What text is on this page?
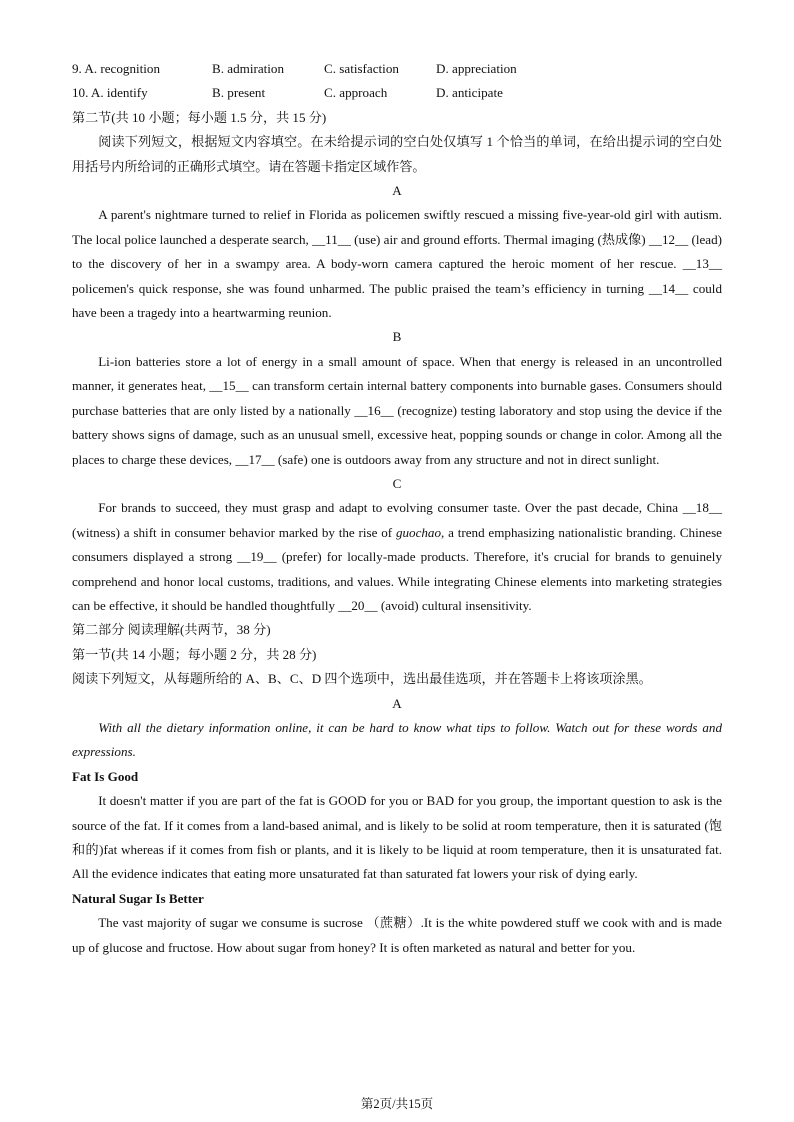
9. A. recognition	B. admiration	C. satisfaction	D. appreciation
10. A. identify	B. present	C. approach	D. anticipate

第二节(共 10 小题；每小题 1.5 分，共 15 分)

阅读下列短文，根据短文内容填空。在未给提示词的空白处仅填写 1 个恰当的单词，在给出提示词的空白处用括号内所给词的正确形式填空。请在答题卡指定区域作答。

A

A parent's nightmare turned to relief in Florida as policemen swiftly rescued a missing five-year-old girl with autism. The local police launched a desperate search, __11__ (use) air and ground efforts. Thermal imaging (热成像) __12__ (lead) to the discovery of her in a swampy area. A body-worn camera captured the heroic moment of her rescue. __13__ policemen's quick response, she was found unharmed. The public praised the team’s efficiency in turning __14__ could have been a tragedy into a heartwarming reunion.

B

Li-ion batteries store a lot of energy in a small amount of space. When that energy is released in an uncontrolled manner, it generates heat, __15__ can transform certain internal battery components into burnable gases. Consumers should purchase batteries that are only listed by a nationally __16__ (recognize) testing laboratory and stop using the device if the battery shows signs of damage, such as an unusual smell, excessive heat, popping sounds or change in color. Among all the places to charge these devices, __17__ (safe) one is outdoors away from any structure and not in direct sunlight.

C

For brands to succeed, they must grasp and adapt to evolving consumer taste. Over the past decade, China __18__ (witness) a shift in consumer behavior marked by the rise of guochao, a trend emphasizing nationalistic branding. Chinese consumers displayed a strong __19__ (prefer) for locally-made products. Therefore, it's crucial for brands to genuinely comprehend and honor local customs, traditions, and values. While integrating Chinese elements into marketing strategies can be effective, it should be handled thoughtfully __20__ (avoid) cultural insensitivity.

第二部分 阅读理解(共两节，38 分)

第一节(共 14 小题；每小题 2 分，共 28 分)

阅读下列短文，从每题所给的 A、B、C、D 四个选项中，选出最佳选项，并在答题卡上将该项涂黑。

A

With all the dietary information online, it can be hard to know what tips to follow. Watch out for these words and expressions.

Fat Is Good

It doesn't matter if you are part of the fat is GOOD for you or BAD for you group, the important question to ask is the source of the fat. If it comes from a land-based animal, and is likely to be solid at room temperature, then it is saturated (饱和的)fat whereas if it comes from fish or plants, and it is likely to be liquid at room temperature, then it is unsaturated fat. All the evidence indicates that eating more unsaturated fat than saturated fat lowers your risk of dying early.

Natural Sugar Is Better

The vast majority of sugar we consume is sucrose （蔗糖）.It is the white powdered stuff we cook with and is made up of glucose and fructose. How about sugar from honey? It is often marketed as natural and better for you.

第2页/共15页
